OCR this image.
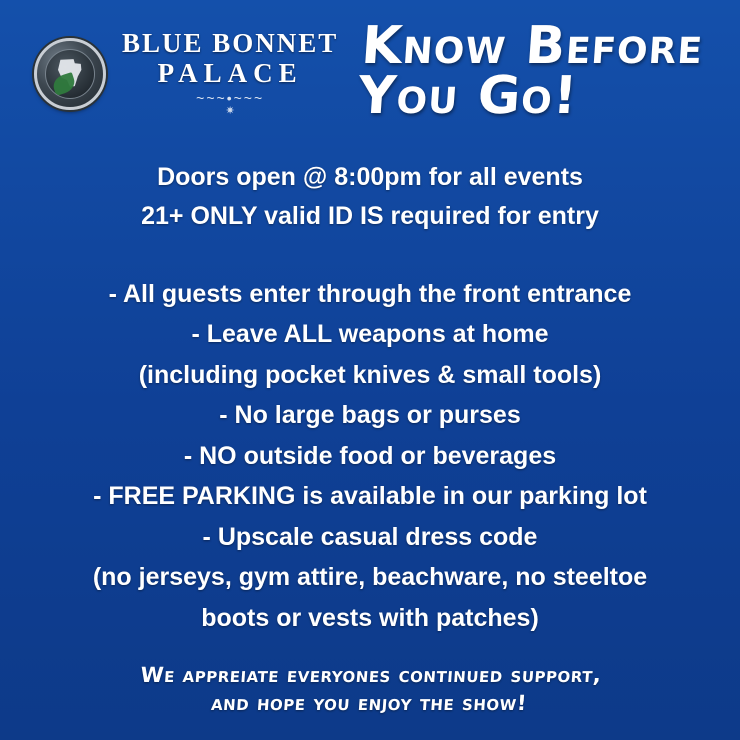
BLUE BONNET
PALACE
~~~•~~~
✷
Know Before
You Go!
Doors open @ 8:00pm for all events
21+ ONLY valid ID IS required for entry
- All guests enter through the front entrance
- Leave ALL weapons at home
(including pocket knives & small tools)
- No large bags or purses
- NO outside food or beverages
- FREE PARKING is available in our parking lot
- Upscale casual dress code
(no jerseys, gym attire, beachware, no steeltoe
boots or vests with patches)
We appreiate everyones continued support,
and hope you enjoy the show!
